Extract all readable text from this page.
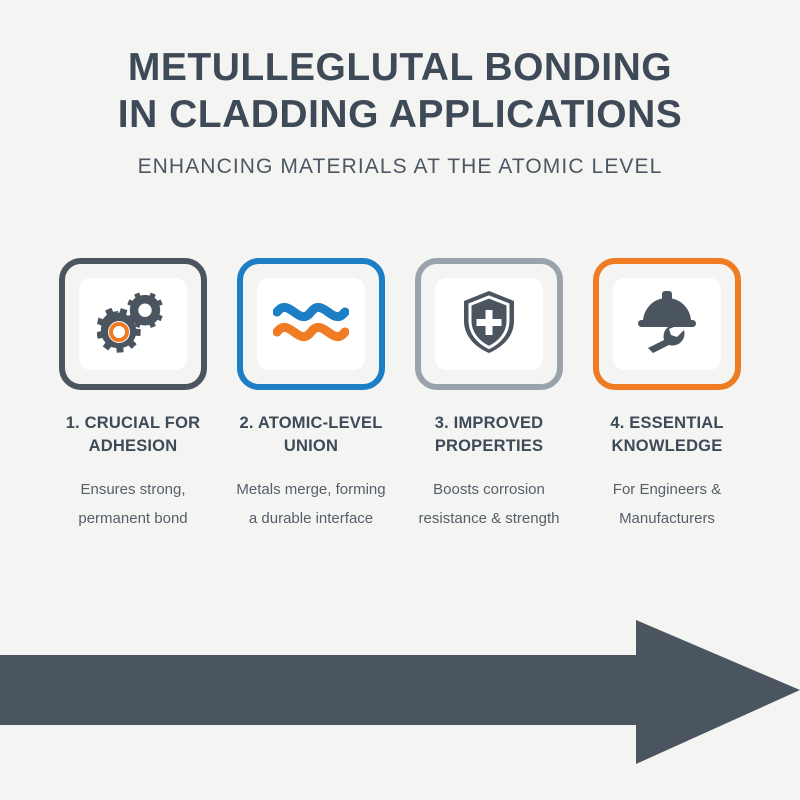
METULLEGLUTAL BONDING
IN CLADDING APPLICATIONS
ENHANCING MATERIALS AT THE ATOMIC LEVEL
1. CRUCIAL FOR ADHESION
Ensures strong, permanent bond
2. ATOMIC-LEVEL UNION
Metals merge, forming a durable interface
3. IMPROVED PROPERTIES
Boosts corrosion resistance & strength
4. ESSENTIAL KNOWLEDGE
For Engineers & Manufacturers
